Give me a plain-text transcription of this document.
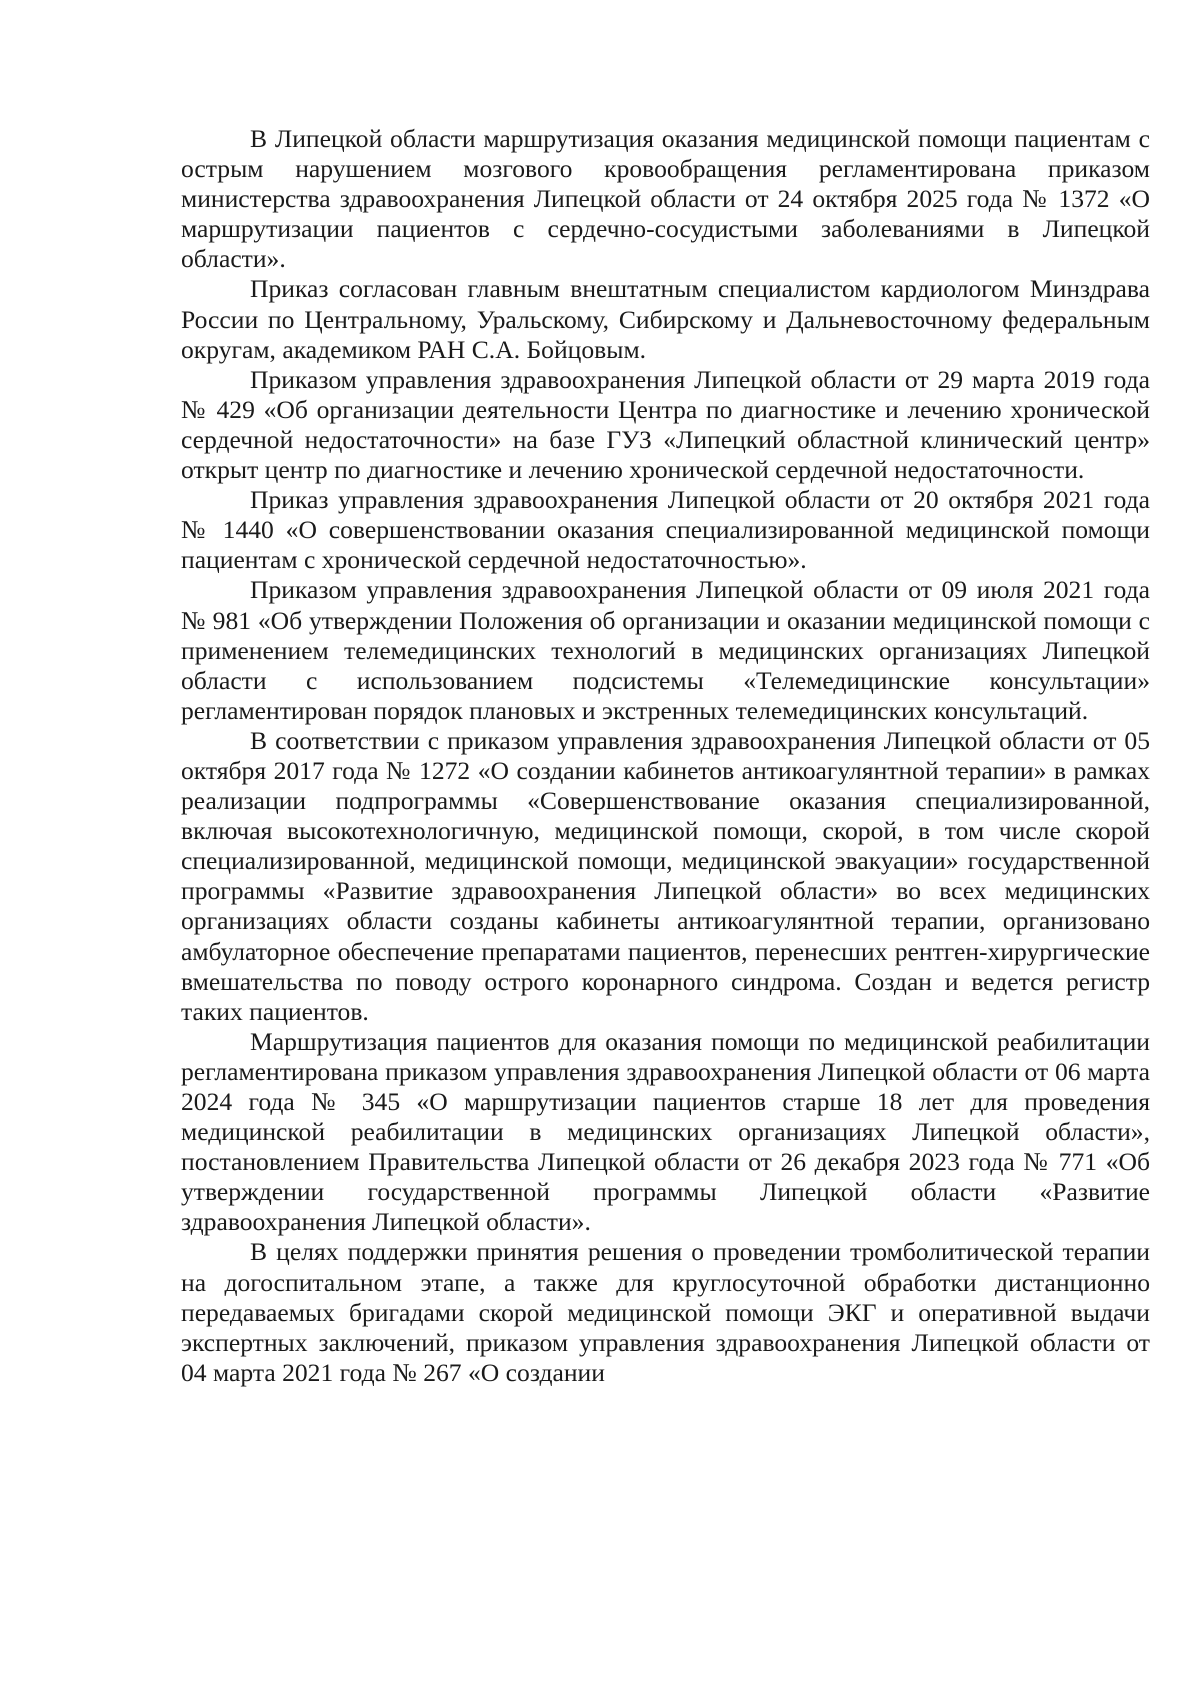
В Липецкой области маршрутизация оказания медицинской помощи пациентам с острым нарушением мозгового кровообращения регламентирована приказом министерства здравоохранения Липецкой области от 24 октября 2025 года № 1372 «О маршрутизации пациентов с сердечно-сосудистыми заболеваниями в Липецкой области».

Приказ согласован главным внештатным специалистом кардиологом Минздрава России по Центральному, Уральскому, Сибирскому и Дальневосточному федеральным округам, академиком РАН С.А. Бойцовым.

Приказом управления здравоохранения Липецкой области от 29 марта 2019 года № 429 «Об организации деятельности Центра по диагностике и лечению хронической сердечной недостаточности» на базе ГУЗ «Липецкий областной клинический центр» открыт центр по диагностике и лечению хронической сердечной недостаточности.

Приказ управления здравоохранения Липецкой области от 20 октября 2021 года № 1440 «О совершенствовании оказания специализированной медицинской помощи пациентам с хронической сердечной недостаточностью».

Приказом управления здравоохранения Липецкой области от 09 июля 2021 года № 981 «Об утверждении Положения об организации и оказании медицинской помощи с применением телемедицинских технологий в медицинских организациях Липецкой области с использованием подсистемы «Телемедицинские консультации» регламентирован порядок плановых и экстренных телемедицинских консультаций.

В соответствии с приказом управления здравоохранения Липецкой области от 05 октября 2017 года № 1272 «О создании кабинетов антикоагулянтной терапии» в рамках реализации подпрограммы «Совершенствование оказания специализированной, включая высокотехнологичную, медицинской помощи, скорой, в том числе скорой специализированной, медицинской помощи, медицинской эвакуации» государственной программы «Развитие здравоохранения Липецкой области» во всех медицинских организациях области созданы кабинеты антикоагулянтной терапии, организовано амбулаторное обеспечение препаратами пациентов, перенесших рентген-хирургические вмешательства по поводу острого коронарного синдрома. Создан и ведется регистр таких пациентов.

Маршрутизация пациентов для оказания помощи по медицинской реабилитации регламентирована приказом управления здравоохранения Липецкой области от 06 марта 2024 года № 345 «О маршрутизации пациентов старше 18 лет для проведения медицинской реабилитации в медицинских организациях Липецкой области», постановлением Правительства Липецкой области от 26 декабря 2023 года № 771 «Об утверждении государственной программы Липецкой области «Развитие здравоохранения Липецкой области».

В целях поддержки принятия решения о проведении тромболитической терапии на догоспитальном этапе, а также для круглосуточной обработки дистанционно передаваемых бригадами скорой медицинской помощи ЭКГ и оперативной выдачи экспертных заключений, приказом управления здравоохранения Липецкой области от 04 марта 2021 года № 267 «О создании
